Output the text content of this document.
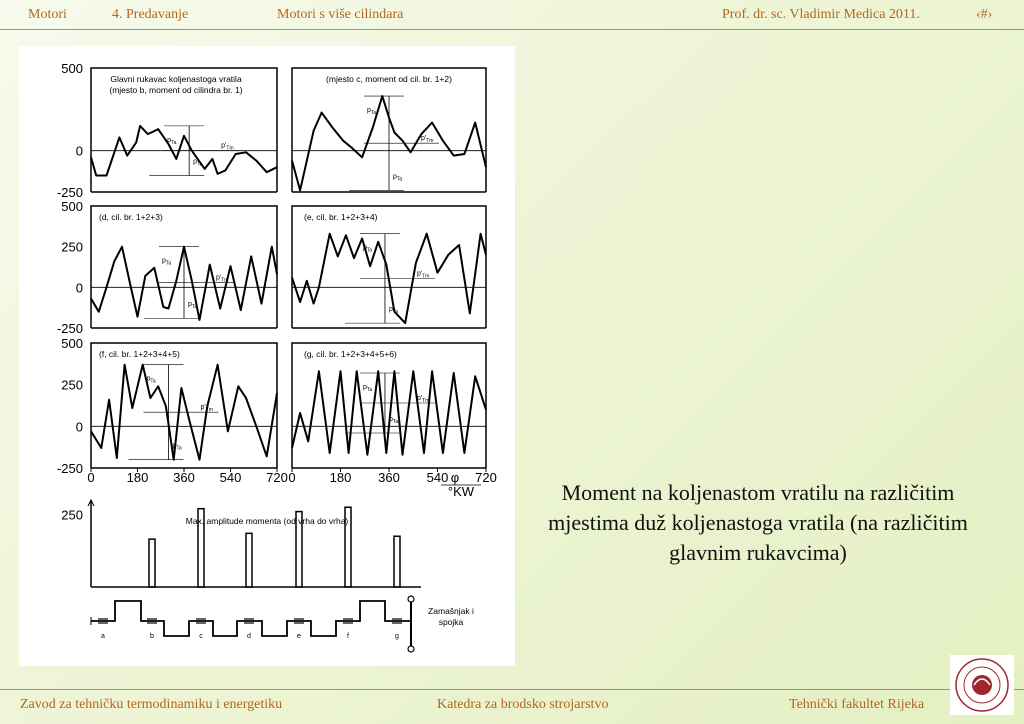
Motori	4. Predavanje	Motori s više cilindara	Prof. dr. sc. Vladimir Medica 2011.	‹#›
$p_{Ta}$
$p_{Ta}$
$p'_{Tm}$
Glavni rukavac koljenastoga vratila
(mjesto b, moment od cilindra br. 1)
500
0
-250
$p_{Ta}$
$p_{Ta}$
$p'_{Tm}$
(mjesto c, moment od cil. br. 1+2)
$p_{Ta}$
$p_{Ta}$
$p'_{Tm}$
(d, cil. br. 1+2+3)
500
250
0
-250
$p_{Ta}$
$p_{Ta}$
$p'_{Tm}$
(e, cil. br. 1+2+3+4)
$p_{Ta}$
$p_{Ta}$
$p'_{Tm}$
(f, cil. br. 1+2+3+4+5)
500
250
0
-250
$p_{Ta}$
$p_{Ta}$
$p'_{Tm}$
(g, cil. br. 1+2+3+4+5+6)
0 180 360 540 720 0	180 360 540 720
φ
°KW
250	Max. amplitude momenta (od vrha do vrha)
a	b	c	d	e	f	g
Zamašnjak i
spojka
Moment na koljenastom vratilu na različitim mjestima duž koljenastoga vratila (na različitim glavnim rukavcima)
Zavod za tehničku termodinamiku i energetiku	Katedra za brodsko strojarstvo	Tehnički fakultet Rijeka
